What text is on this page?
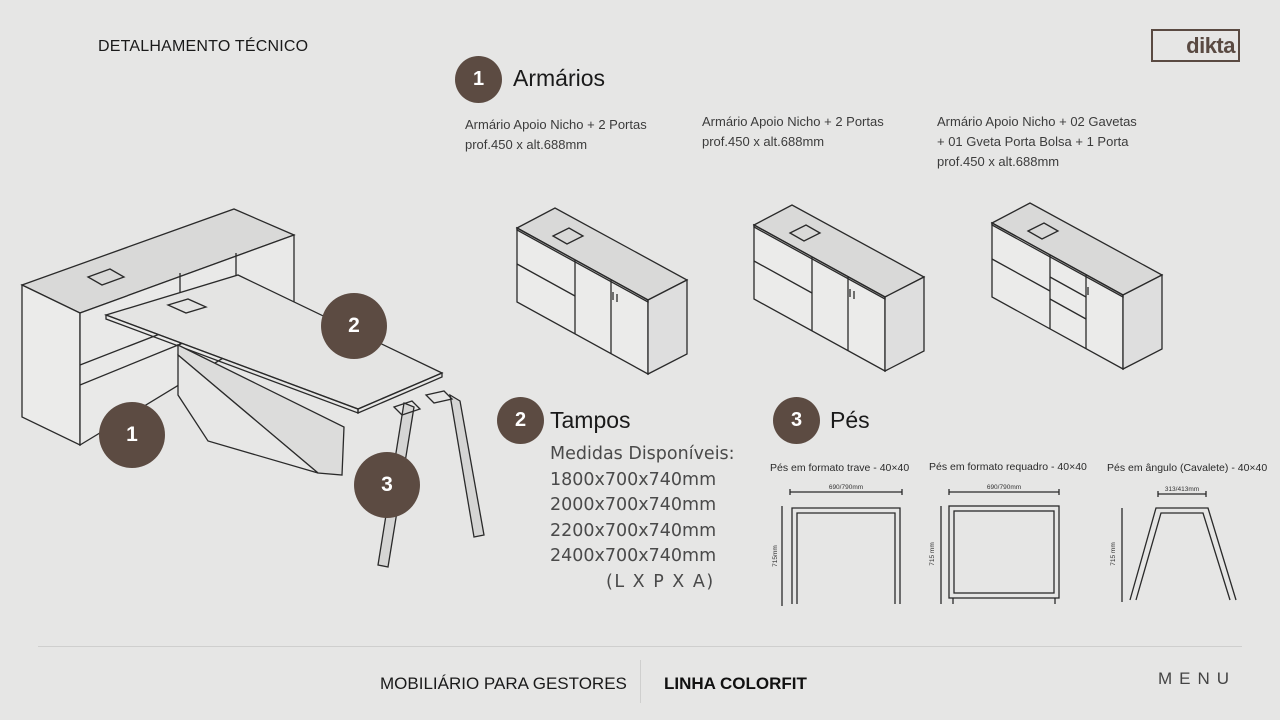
DETALHAMENTO TÉCNICO	dikta
1	Armários
Armário Apoio Nicho + 2 Portas
prof.450 x alt.688mm
Armário Apoio Nicho + 2 Portas
prof.450 x alt.688mm
Armário Apoio Nicho + 02 Gavetas
+ 01 Gveta Porta Bolsa + 1 Porta
prof.450 x alt.688mm
2
1
3
2	Tampos
Medidas Disponíveis:
1800x700x740mm
2000x700x740mm
2200x700x740mm
2400x700x740mm
(L X P X A)
3	Pés
Pés em formato trave - 40×40 Pés em formato requadro - 40×40 Pés em ângulo (Cavalete) - 40×40
690/790mm
715mm
690/790mm
715 mm
313/413mm
715 mm
MOBILIÁRIO PARA GESTORES LINHA COLORFIT	MENU
